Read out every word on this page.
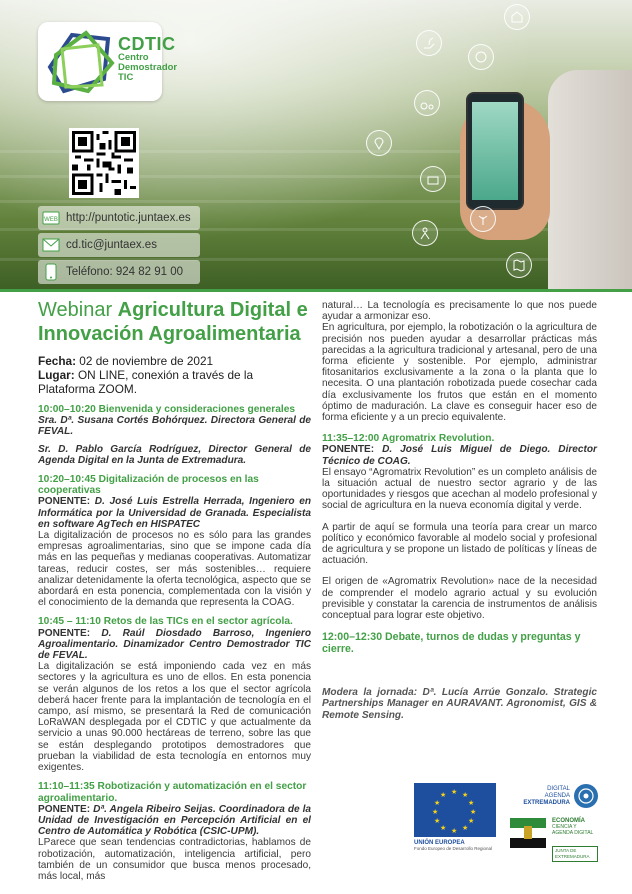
CDTIC
Centro
Demostrador
TIC
WEB http://puntotic.juntaex.es
cd.tic@juntaex.es
Teléfono: 924 82 91 00
Webinar Agricultura Digital e
Innovación Agroalimentaria
Fecha: 02 de noviembre de 2021
Lugar: ON LINE, conexión a través de la Plataforma ZOOM.
10:00–10:20 Bienvenida y consideraciones generales

Sra. Dª. Susana Cortés Bohórquez. Directora General de FEVAL.

Sr. D. Pablo García Rodríguez, Director General de Agenda Digital en la Junta de Extremadura.

10:20–10:45 Digitalización de procesos en las cooperativas

PONENTE: D. José Luis Estrella Herrada, Ingeniero en Informática por la Universidad de Granada. Especialista en software AgTech en HISPATEC

La digitalización de procesos no es sólo para las grandes empresas agroalimentarias, sino que se impone cada día más en las pequeñas y medianas cooperativas. Automatizar tareas, reducir costes, ser más sostenibles… requiere analizar detenidamente la oferta tecnológica, aspecto que se abordará en esta ponencia, complementada con la visión y el conocimiento de la demanda que representa la COAG.

10:45 – 11:10 Retos de las TICs en el sector agrícola.

PONENTE: D. Raúl Diosdado Barroso, Ingeniero Agroalimentario. Dinamizador Centro Demostrador TIC de FEVAL.

La digitalización se está imponiendo cada vez en más sectores y la agricultura es uno de ellos. En esta ponencia se verán algunos de los retos a los que el sector agrícola deberá hacer frente para la implantación de tecnología en el campo, así mismo, se presentará la Red de comunicación LoRaWAN desplegada por el CDTIC y que actualmente da servicio a unas 90.000 hectáreas de terreno, sobre las que se están desplegando prototipos demostradores que prueban la viabilidad de esta tecnología en entornos muy exigentes.

11:10–11:35 Robotización y automatización en el sector agroalimentario.

PONENTE: Dª. Angela Ribeiro Seijas. Coordinadora de la Unidad de Investigación en Percepción Artificial en el Centro de Automática y Robótica (CSIC-UPM).

LParece que sean tendencias contradictorias, hablamos de robotización, automatización, inteligencia artificial, pero también de un consumidor que busca menos procesado, más local, más

natural… La tecnología es precisamente lo que nos puede ayudar a armonizar eso.

En agricultura, por ejemplo, la robotización o la agricultura de precisión nos pueden ayudar a desarrollar prácticas más parecidas a la agricultura tradicional y artesanal, pero de una forma eficiente y sostenible. Por ejemplo, administrar fitosanitarios exclusivamente a la zona o la planta que lo necesita. O una plantación robotizada puede cosechar cada día exclusivamente los frutos que están en el momento óptimo de maduración. La clave es conseguir hacer eso de forma eficiente y a un precio equivalente.

11:35–12:00 Agromatrix Revolution.

PONENTE: D. José Luis Miguel de Diego. Director Técnico de COAG.

El ensayo “Agromatrix Revolution” es un completo análisis de la situación actual de nuestro sector agrario y de las oportunidades y riesgos que acechan al modelo profesional y social de agricultura en la nueva economía digital y verde.

A partir de aquí se formula una teoría para crear un marco político y económico favorable al modelo social y profesional de agricultura y se propone un listado de políticas y líneas de actuación.

El origen de «Agromatrix Revolution» nace de la necesidad de comprender el modelo agrario actual y su evolución previsible y constatar la carencia de instrumentos de análisis conceptual para lograr este objetivo.

12:00–12:30 Debate, turnos de dudas y preguntas y cierre.

Modera la jornada: Dª. Lucía Arrúe Gonzalo. Strategic Partnerships Manager en AURAVANT. Agronomist, GIS & Remote Sensing.

★ ★
★
★
★
★
★
★
★
★
★
★
UNIÓN EUROPEA
Fondo Europeo de Desarrollo Regional
DIGITAL
AGENDA
EXTREMADURA
ECONOMÍA
CIENCIA Y AGENDA DIGITAL
JUNTA DE EXTREMADURA
